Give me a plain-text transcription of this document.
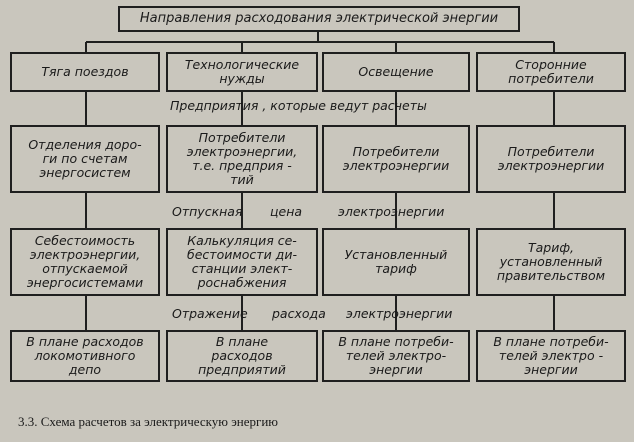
Направления расходования электрической энергии
Тяга поездов	Технологические
нужды	Освещение	Сторонние
потребители
Предприятия , которые ведут расчеты
Отделения доро-
ги по счетам
энергосистем
Потребители
электроэнергии,
т.е. предприя -
тий
Потребители
электроэнергии
Потребители
электроэнергии
Отпускная цена	электроэнергии
Себестоимость
электроэнергии,
отпускаемой
энергосистемами
Калькуляция се-
бестоимости ди-
станции элект-
роснабжения
Установленный
тариф
Тариф,
установленный
правительством
Отражение расхода электроэнергии
В плане расходов
локомотивного
депо
В плане
расходов
предприятий
В плане потреби-
телей электро-
энергии
В плане потреби-
телей электро -
энергии
3.3. Схема расчетов за электрическую энергию
